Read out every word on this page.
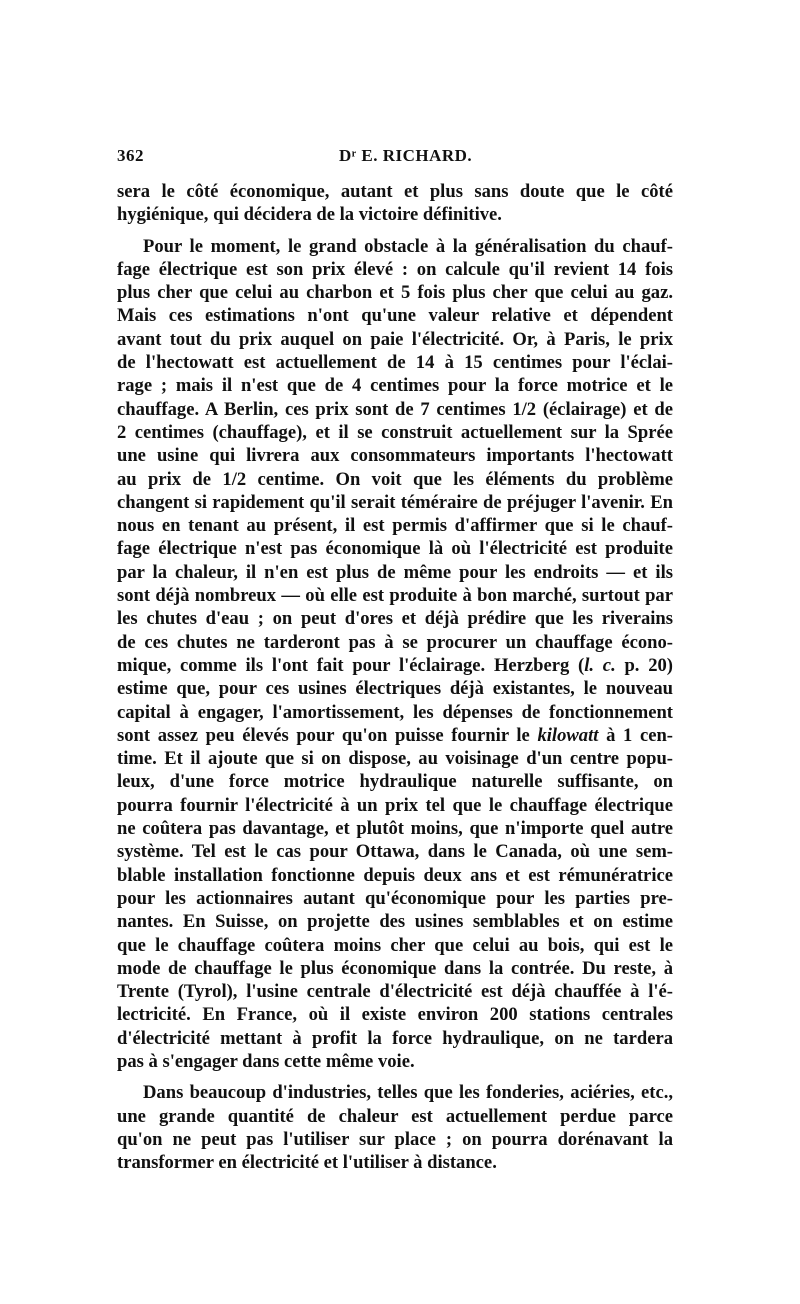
362	Dʳ E. RICHARD.

sera le côté économique, autant et plus sans doute que le côté
hygiénique, qui décidera de la victoire définitive.

Pour le moment, le grand obstacle à la généralisation du chauf-
fage électrique est son prix élevé : on calcule qu'il revient 14 fois
plus cher que celui au charbon et 5 fois plus cher que celui au gaz.
Mais ces estimations n'ont qu'une valeur relative et dépendent
avant tout du prix auquel on paie l'électricité. Or, à Paris, le prix
de l'hectowatt est actuellement de 14 à 15 centimes pour l'éclai-
rage ; mais il n'est que de 4 centimes pour la force motrice et le
chauffage. A Berlin, ces prix sont de 7 centimes 1/2 (éclairage) et de
2 centimes (chauffage), et il se construit actuellement sur la Sprée
une usine qui livrera aux consommateurs importants l'hectowatt
au prix de 1/2 centime. On voit que les éléments du problème
changent si rapidement qu'il serait téméraire de préjuger l'avenir. En
nous en tenant au présent, il est permis d'affirmer que si le chauf-
fage électrique n'est pas économique là où l'électricité est produite
par la chaleur, il n'en est plus de même pour les endroits — et ils
sont déjà nombreux — où elle est produite à bon marché, surtout par
les chutes d'eau ; on peut d'ores et déjà prédire que les riverains
de ces chutes ne tarderont pas à se procurer un chauffage écono-
mique, comme ils l'ont fait pour l'éclairage. Herzberg (l. c. p. 20)
estime que, pour ces usines électriques déjà existantes, le nouveau
capital à engager, l'amortissement, les dépenses de fonctionnement
sont assez peu élevés pour qu'on puisse fournir le kilowatt à 1 cen-
time. Et il ajoute que si on dispose, au voisinage d'un centre popu-
leux, d'une force motrice hydraulique naturelle suffisante, on
pourra fournir l'électricité à un prix tel que le chauffage électrique
ne coûtera pas davantage, et plutôt moins, que n'importe quel autre
système. Tel est le cas pour Ottawa, dans le Canada, où une sem-
blable installation fonctionne depuis deux ans et est rémunératrice
pour les actionnaires autant qu'économique pour les parties pre-
nantes. En Suisse, on projette des usines semblables et on estime
que le chauffage coûtera moins cher que celui au bois, qui est le
mode de chauffage le plus économique dans la contrée. Du reste, à
Trente (Tyrol), l'usine centrale d'électricité est déjà chauffée à l'é-
lectricité. En France, où il existe environ 200 stations centrales
d'électricité mettant à profit la force hydraulique, on ne tardera
pas à s'engager dans cette même voie.

Dans beaucoup d'industries, telles que les fonderies, aciéries, etc.,
une grande quantité de chaleur est actuellement perdue parce
qu'on ne peut pas l'utiliser sur place ; on pourra dorénavant la
transformer en électricité et l'utiliser à distance.
